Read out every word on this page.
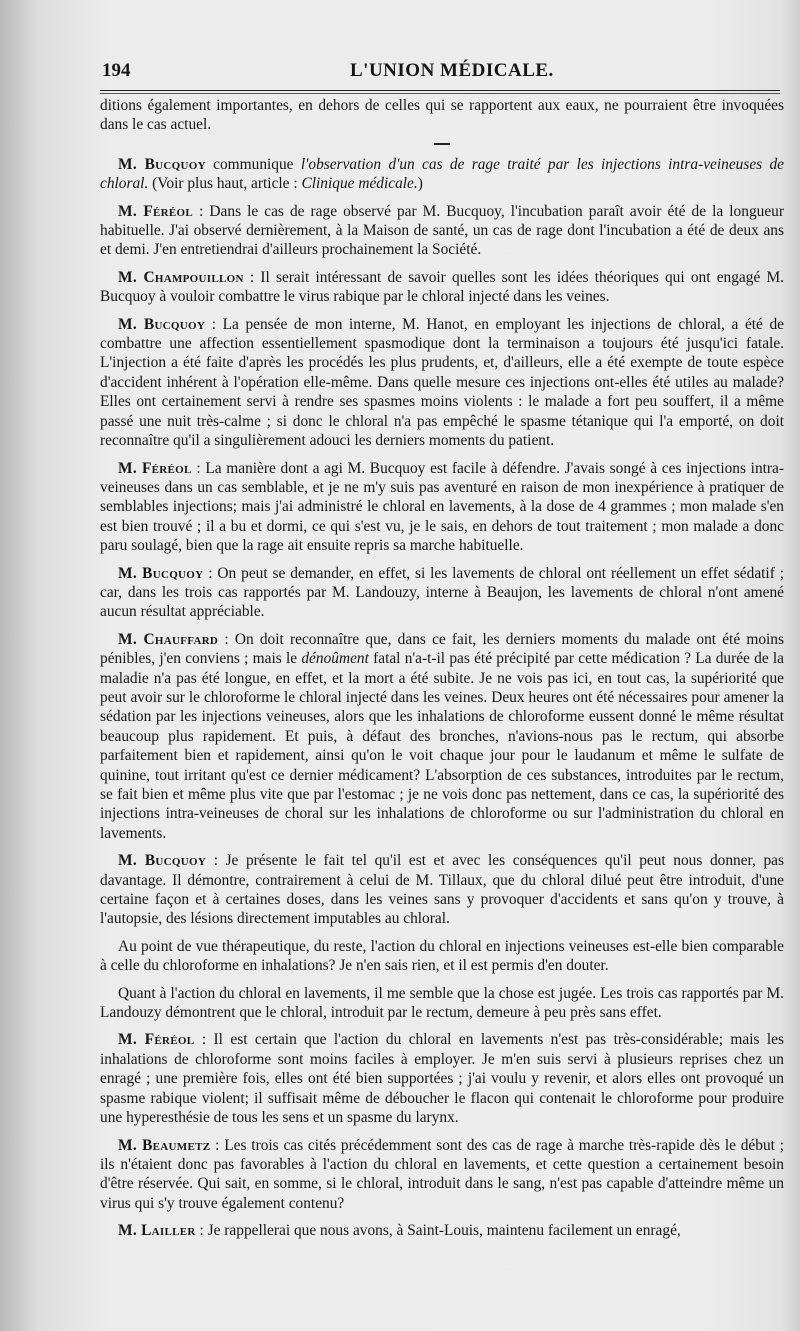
194	L'UNION MÉDICALE.

ditions également importantes, en dehors de celles qui se rapportent aux eaux, ne pourraient être invoquées dans le cas actuel.

M. Bucquoy communique l'observation d'un cas de rage traité par les injections intra-veineuses de chloral. (Voir plus haut, article : Clinique médicale.)

M. Féréol : Dans le cas de rage observé par M. Bucquoy, l'incubation paraît avoir été de la longueur habituelle. J'ai observé dernièrement, à la Maison de santé, un cas de rage dont l'incubation a été de deux ans et demi. J'en entretiendrai d'ailleurs prochainement la Société.

M. Champouillon : Il serait intéressant de savoir quelles sont les idées théoriques qui ont engagé M. Bucquoy à vouloir combattre le virus rabique par le chloral injecté dans les veines.

M. Bucquoy : La pensée de mon interne, M. Hanot, en employant les injections de chloral, a été de combattre une affection essentiellement spasmodique dont la terminaison a toujours été jusqu'ici fatale. L'injection a été faite d'après les procédés les plus prudents, et, d'ailleurs, elle a été exempte de toute espèce d'accident inhérent à l'opération elle-même. Dans quelle mesure ces injections ont-elles été utiles au malade? Elles ont certainement servi à rendre ses spasmes moins violents : le malade a fort peu souffert, il a même passé une nuit très-calme ; si donc le chloral n'a pas empêché le spasme tétanique qui l'a emporté, on doit reconnaître qu'il a singulièrement adouci les derniers moments du patient.

M. Féréol : La manière dont a agi M. Bucquoy est facile à défendre. J'avais songé à ces injections intra-veineuses dans un cas semblable, et je ne m'y suis pas aventuré en raison de mon inexpérience à pratiquer de semblables injections; mais j'ai administré le chloral en lavements, à la dose de 4 grammes ; mon malade s'en est bien trouvé ; il a bu et dormi, ce qui s'est vu, je le sais, en dehors de tout traitement ; mon malade a donc paru soulagé, bien que la rage ait ensuite repris sa marche habituelle.

M. Bucquoy : On peut se demander, en effet, si les lavements de chloral ont réellement un effet sédatif ; car, dans les trois cas rapportés par M. Landouzy, interne à Beaujon, les lavements de chloral n'ont amené aucun résultat appréciable.

M. Chauffard : On doit reconnaître que, dans ce fait, les derniers moments du malade ont été moins pénibles, j'en conviens ; mais le dénoûment fatal n'a-t-il pas été précipité par cette médication ? La durée de la maladie n'a pas été longue, en effet, et la mort a été subite. Je ne vois pas ici, en tout cas, la supériorité que peut avoir sur le chloroforme le chloral injecté dans les veines. Deux heures ont été nécessaires pour amener la sédation par les injections veineuses, alors que les inhalations de chloroforme eussent donné le même résultat beaucoup plus rapidement. Et puis, à défaut des bronches, n'avions-nous pas le rectum, qui absorbe parfaitement bien et rapidement, ainsi qu'on le voit chaque jour pour le laudanum et même le sulfate de quinine, tout irritant qu'est ce dernier médicament? L'absorption de ces substances, introduites par le rectum, se fait bien et même plus vite que par l'estomac ; je ne vois donc pas nettement, dans ce cas, la supériorité des injections intra-veineuses de choral sur les inhalations de chloroforme ou sur l'administration du chloral en lavements.

M. Bucquoy : Je présente le fait tel qu'il est et avec les conséquences qu'il peut nous donner, pas davantage. Il démontre, contrairement à celui de M. Tillaux, que du chloral dilué peut être introduit, d'une certaine façon et à certaines doses, dans les veines sans y provoquer d'accidents et sans qu'on y trouve, à l'autopsie, des lésions directement imputables au chloral.

Au point de vue thérapeutique, du reste, l'action du chloral en injections veineuses est-elle bien comparable à celle du chloroforme en inhalations? Je n'en sais rien, et il est permis d'en douter.

Quant à l'action du chloral en lavements, il me semble que la chose est jugée. Les trois cas rapportés par M. Landouzy démontrent que le chloral, introduit par le rectum, demeure à peu près sans effet.

M. Féréol : Il est certain que l'action du chloral en lavements n'est pas très-considérable; mais les inhalations de chloroforme sont moins faciles à employer. Je m'en suis servi à plusieurs reprises chez un enragé ; une première fois, elles ont été bien supportées ; j'ai voulu y revenir, et alors elles ont provoqué un spasme rabique violent; il suffisait même de déboucher le flacon qui contenait le chloroforme pour produire une hyperesthésie de tous les sens et un spasme du larynx.

M. Beaumetz : Les trois cas cités précédemment sont des cas de rage à marche très-rapide dès le début ; ils n'étaient donc pas favorables à l'action du chloral en lavements, et cette question a certainement besoin d'être réservée. Qui sait, en somme, si le chloral, introduit dans le sang, n'est pas capable d'atteindre même un virus qui s'y trouve également contenu?

M. Lailler : Je rappellerai que nous avons, à Saint-Louis, maintenu facilement un enragé,
